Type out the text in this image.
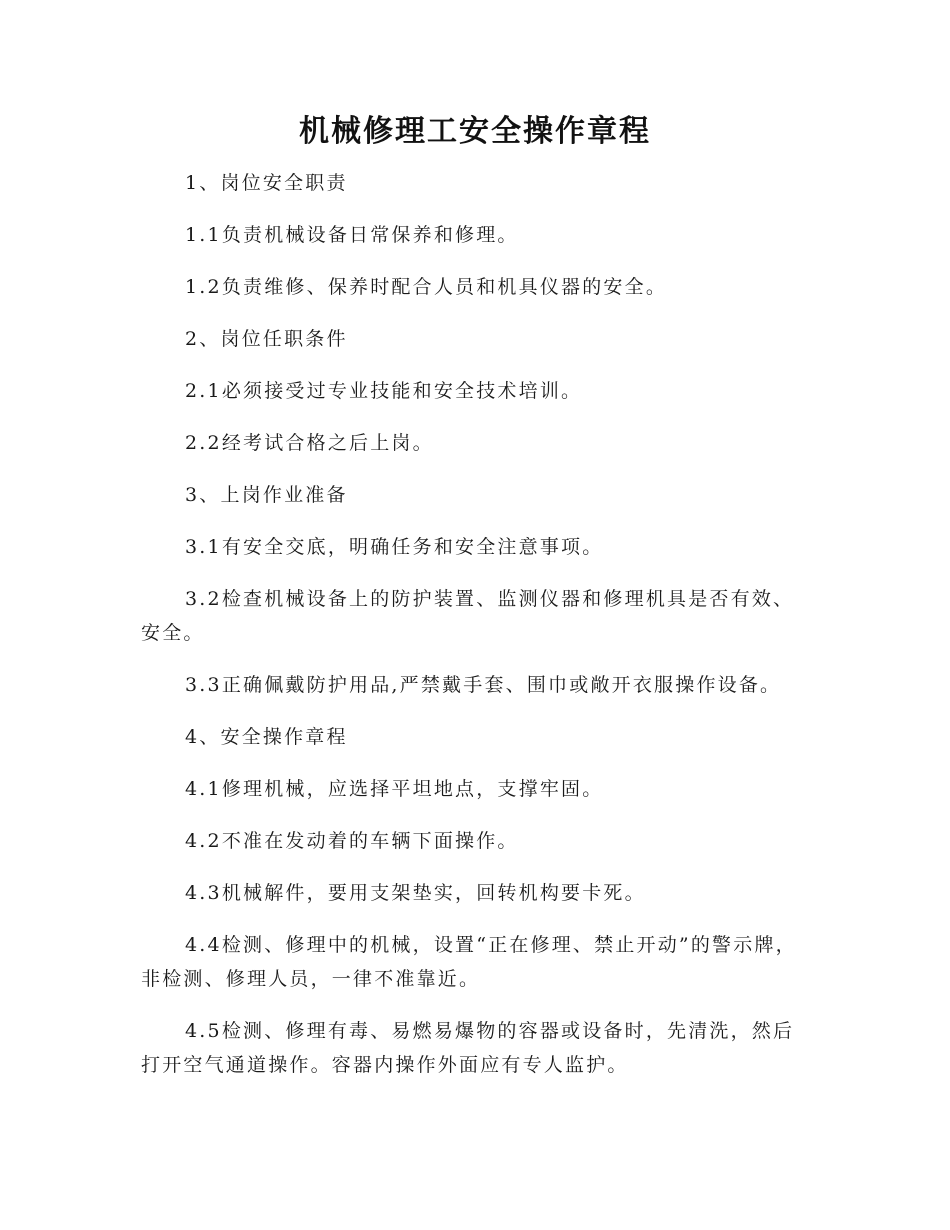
机械修理工安全操作章程

1、岗位安全职责

1.1负责机械设备日常保养和修理。

1.2负责维修、保养时配合人员和机具仪器的安全。

2、岗位任职条件

2.1必须接受过专业技能和安全技术培训。

2.2经考试合格之后上岗。

3、上岗作业准备

3.1有安全交底，明确任务和安全注意事项。

3.2检查机械设备上的防护装置、监测仪器和修理机具是否有效、安全。

3.3正确佩戴防护用品,严禁戴手套、围巾或敞开衣服操作设备。

4、安全操作章程

4.1修理机械，应选择平坦地点，支撑牢固。

4.2不准在发动着的车辆下面操作。

4.3机械解件，要用支架垫实，回转机构要卡死。

4.4检测、修理中的机械，设置“正在修理、禁止开动”的警示牌，非检测、修理人员，一律不准靠近。

4.5检测、修理有毒、易燃易爆物的容器或设备时，先清洗，然后打开空气通道操作。容器内操作外面应有专人监护。
